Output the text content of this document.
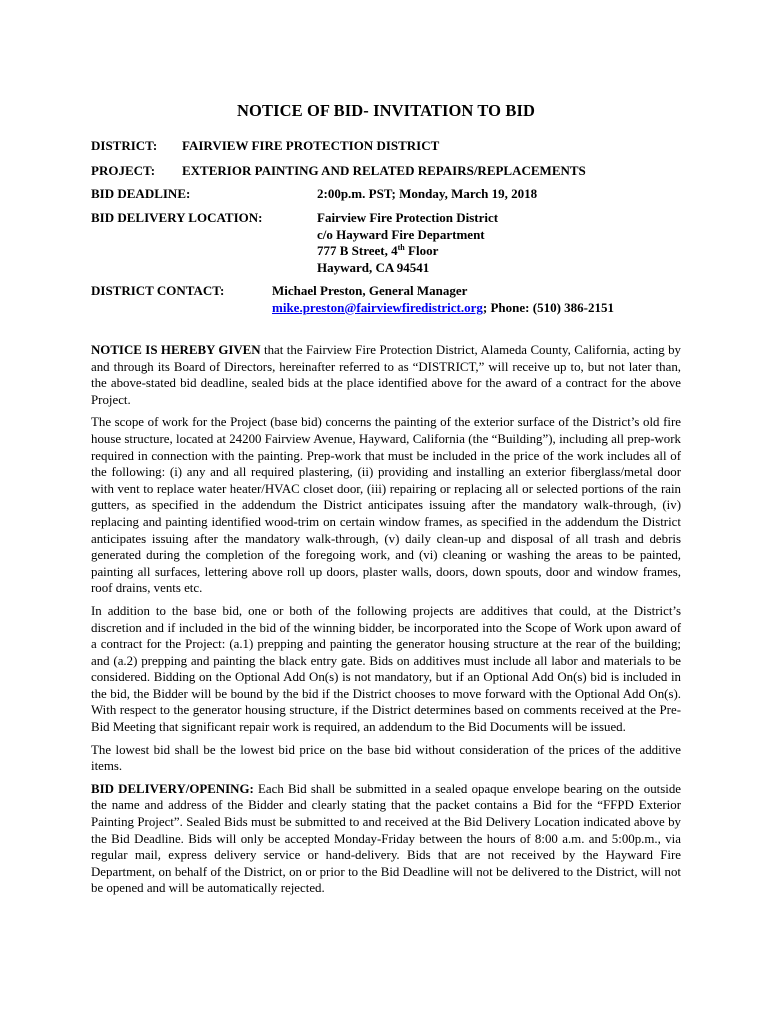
NOTICE OF BID- INVITATION TO BID
DISTRICT: FAIRVIEW FIRE PROTECTION DISTRICT
PROJECT: EXTERIOR PAINTING AND RELATED REPAIRS/REPLACEMENTS
BID DEADLINE:	2:00p.m. PST; Monday, March 19, 2018
BID DELIVERY LOCATION:	Fairview Fire Protection District
c/o Hayward Fire Department
777 B Street, 4th Floor
Hayward, CA 94541
DISTRICT CONTACT:	Michael Preston, General Manager
mike.preston@fairviewfiredistrict.org; Phone: (510) 386-2151

NOTICE IS HEREBY GIVEN that the Fairview Fire Protection District, Alameda County, California, acting by and through its Board of Directors, hereinafter referred to as “DISTRICT,” will receive up to, but not later than, the above-stated bid deadline, sealed bids at the place identified above for the award of a contract for the above Project.

The scope of work for the Project (base bid) concerns the painting of the exterior surface of the District’s old fire house structure, located at 24200 Fairview Avenue, Hayward, California (the “Building”), including all prep-work required in connection with the painting. Prep-work that must be included in the price of the work includes all of the following: (i) any and all required plastering, (ii) providing and installing an exterior fiberglass/metal door with vent to replace water heater/HVAC closet door, (iii) repairing or replacing all or selected portions of the rain gutters, as specified in the addendum the District anticipates issuing after the mandatory walk-through, (iv) replacing and painting identified wood-trim on certain window frames, as specified in the addendum the District anticipates issuing after the mandatory walk-through, (v) daily clean-up and disposal of all trash and debris generated during the completion of the foregoing work, and (vi) cleaning or washing the areas to be painted, painting all surfaces, lettering above roll up doors, plaster walls, doors, down spouts, door and window frames, roof drains, vents etc.

In addition to the base bid, one or both of the following projects are additives that could, at the District’s discretion and if included in the bid of the winning bidder, be incorporated into the Scope of Work upon award of a contract for the Project: (a.1) prepping and painting the generator housing structure at the rear of the building; and (a.2) prepping and painting the black entry gate. Bids on additives must include all labor and materials to be considered. Bidding on the Optional Add On(s) is not mandatory, but if an Optional Add On(s) bid is included in the bid, the Bidder will be bound by the bid if the District chooses to move forward with the Optional Add On(s). With respect to the generator housing structure, if the District determines based on comments received at the Pre-Bid Meeting that significant repair work is required, an addendum to the Bid Documents will be issued.

The lowest bid shall be the lowest bid price on the base bid without consideration of the prices of the additive items.

BID DELIVERY/OPENING: Each Bid shall be submitted in a sealed opaque envelope bearing on the outside the name and address of the Bidder and clearly stating that the packet contains a Bid for the “FFPD Exterior Painting Project”. Sealed Bids must be submitted to and received at the Bid Delivery Location indicated above by the Bid Deadline. Bids will only be accepted Monday-Friday between the hours of 8:00 a.m. and 5:00p.m., via regular mail, express delivery service or hand-delivery. Bids that are not received by the Hayward Fire Department, on behalf of the District, on or prior to the Bid Deadline will not be delivered to the District, will not be opened and will be automatically rejected.
